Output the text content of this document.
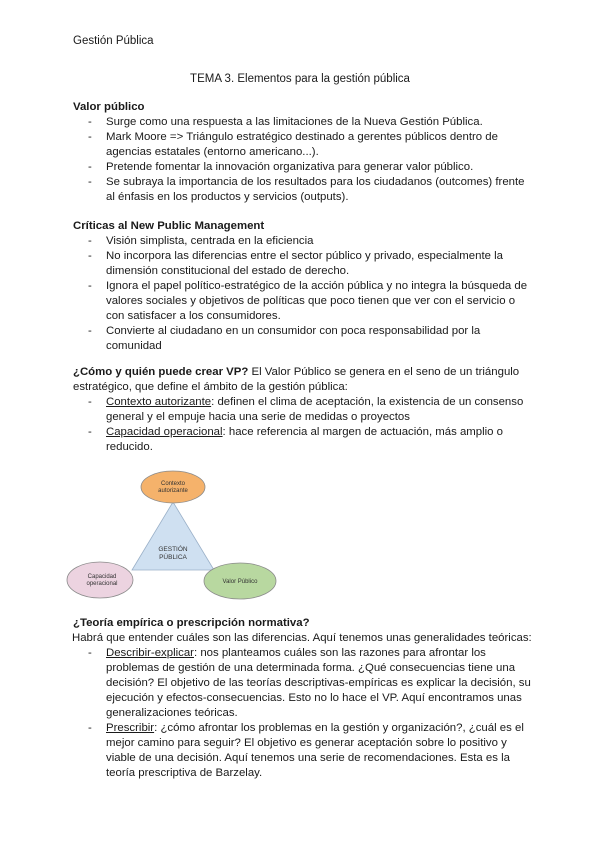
Gestión Pública
TEMA 3. Elementos para la gestión pública
Valor público
- Surge como una respuesta a las limitaciones de la Nueva Gestión Pública.
- Mark Moore => Triángulo estratégico destinado a gerentes públicos dentro de agencias estatales (entorno americano...).
- Pretende fomentar la innovación organizativa para generar valor público.
- Se subraya la importancia de los resultados para los ciudadanos (outcomes) frente al énfasis en los productos y servicios (outputs).
Críticas al New Public Management
- Visión simplista, centrada en la eficiencia
- No incorpora las diferencias entre el sector público y privado, especialmente la dimensión constitucional del estado de derecho.
- Ignora el papel político-estratégico de la acción pública y no integra la búsqueda de valores sociales y objetivos de políticas que poco tienen que ver con el servicio o con satisfacer a los consumidores.
- Convierte al ciudadano en un consumidor con poca responsabilidad por la comunidad
¿Cómo y quién puede crear VP? El Valor Público se genera en el seno de un triángulo estratégico, que define el ámbito de la gestión pública:
- Contexto autorizante: definen el clima de aceptación, la existencia de un consenso general y el empuje hacia una serie de medidas o proyectos
- Capacidad operacional: hace referencia al margen de actuación, más amplio o reducido.
GESTIÓN
PÚBLICA
Contexto
autorizante
Capacidad
operacional	Valor Público
¿Teoría empírica o prescripción normativa?
Habrá que entender cuáles son las diferencias. Aquí tenemos unas generalidades teóricas:
- Describir-explicar: nos planteamos cuáles son las razones para afrontar los problemas de gestión de una determinada forma. ¿Qué consecuencias tiene una decisión? El objetivo de las teorías descriptivas-empíricas es explicar la decisión, su ejecución y efectos-consecuencias. Esto no lo hace el VP. Aquí encontramos unas generalizaciones teóricas.
- Prescribir: ¿cómo afrontar los problemas en la gestión y organización?, ¿cuál es el mejor camino para seguir? El objetivo es generar aceptación sobre lo positivo y viable de una decisión. Aquí tenemos una serie de recomendaciones. Esta es la teoría prescriptiva de Barzelay.
